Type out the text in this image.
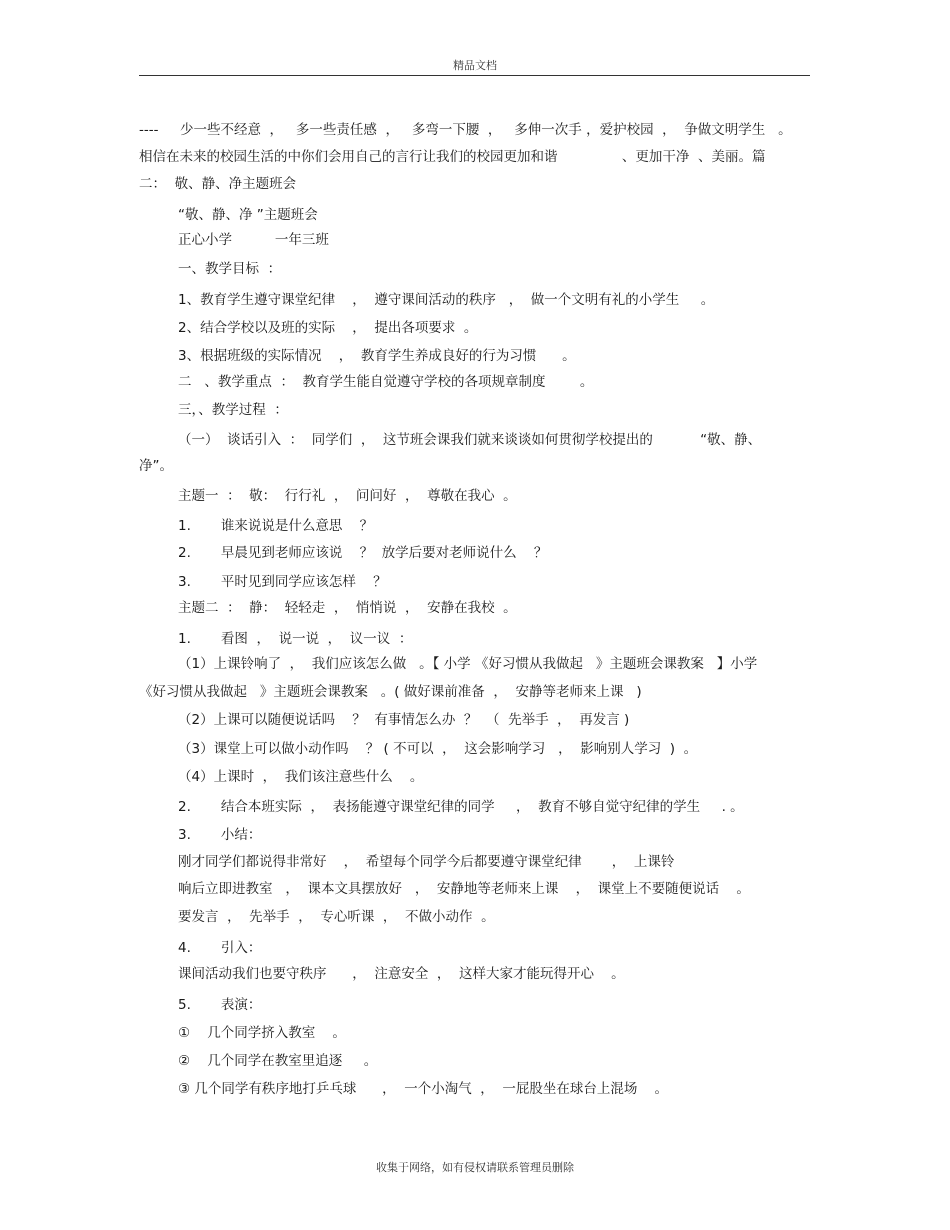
精品文档
----     少一些不经意  ，   多一些责任感  ，   多弯一下腰  ，   多伸一次手 ，爱护校园  ，  争做文明学生   。
相信在未来的校园生活的中你们会用自己的言行让我们的校园更加和谐               、更加干净  、美丽。篇
二：  敬、静、净主题班会
“敬、静、净 ”主题班会
正心小学          一年三班
一、教学目标  ：
1、教育学生遵守课堂纪律    ，  遵守课间活动的秩序   ，  做一个文明有礼的小学生     。
2、结合学校以及班的实际    ，  提出各项要求  。
3、根据班级的实际情况    ，  教育学生养成良好的行为习惯      。
二   、教学重点  ：  教育学生能自觉遵守学校的各项规章制度        。
三，、教学过程  ：
（一）  谈话引入  ：  同学们  ，  这节班会课我们就来谈谈如何贯彻学校提出的           “敬、静、
净”。
主题一  ：  敬：  行行礼  ，  问问好  ，  尊敬在我心  。
1.       谁来说说是什么意思    ？
2.       早晨见到老师应该说    ？  放学后要对老师说什么    ？
3.       平时见到同学应该怎样    ？
主题二  ：  静：  轻轻走  ，  悄悄说  ，  安静在我校  。
1.       看图  ，  说一说  ，  议一议  ：
（1）上课铃响了  ，  我们应该怎么做   。【 小学 《好习惯从我做起   》主题班会课教案   】小学
《好习惯从我做起   》主题班会课教案   。( 做好课前准备  ，  安静等老师来上课   )
（2）上课可以随便说话吗    ？  有事情怎么办  ？  （  先举手  ，  再发言 )
（3）课堂上可以做小动作吗    ？ ( 不可以  ，  这会影响学习   ，  影响别人学习  )  。
（4）上课时  ，  我们该注意些什么    。
2.       结合本班实际  ，  表扬能遵守课堂纪律的同学     ，  教育不够自觉守纪律的学生     . 。
3.       小结：
刚才同学们都说得非常好    ，  希望每个同学今后都要遵守课堂纪律       ，  上课铃
响后立即进教室   ，  课本文具摆放好   ，  安静地等老师来上课    ，  课堂上不要随便说话    。
要发言  ，  先举手  ，  专心听课  ，  不做小动作  。
4.       引入：
课间活动我们也要守秩序      ，  注意安全  ，  这样大家才能玩得开心    。
5.       表演：
①    几个同学挤入教室    。
②    几个同学在教室里追逐     。
③ 几个同学有秩序地打乒乓球      ，  一个小淘气  ，  一屁股坐在球台上混场    。
收集于网络，如有侵权请联系管理员删除
